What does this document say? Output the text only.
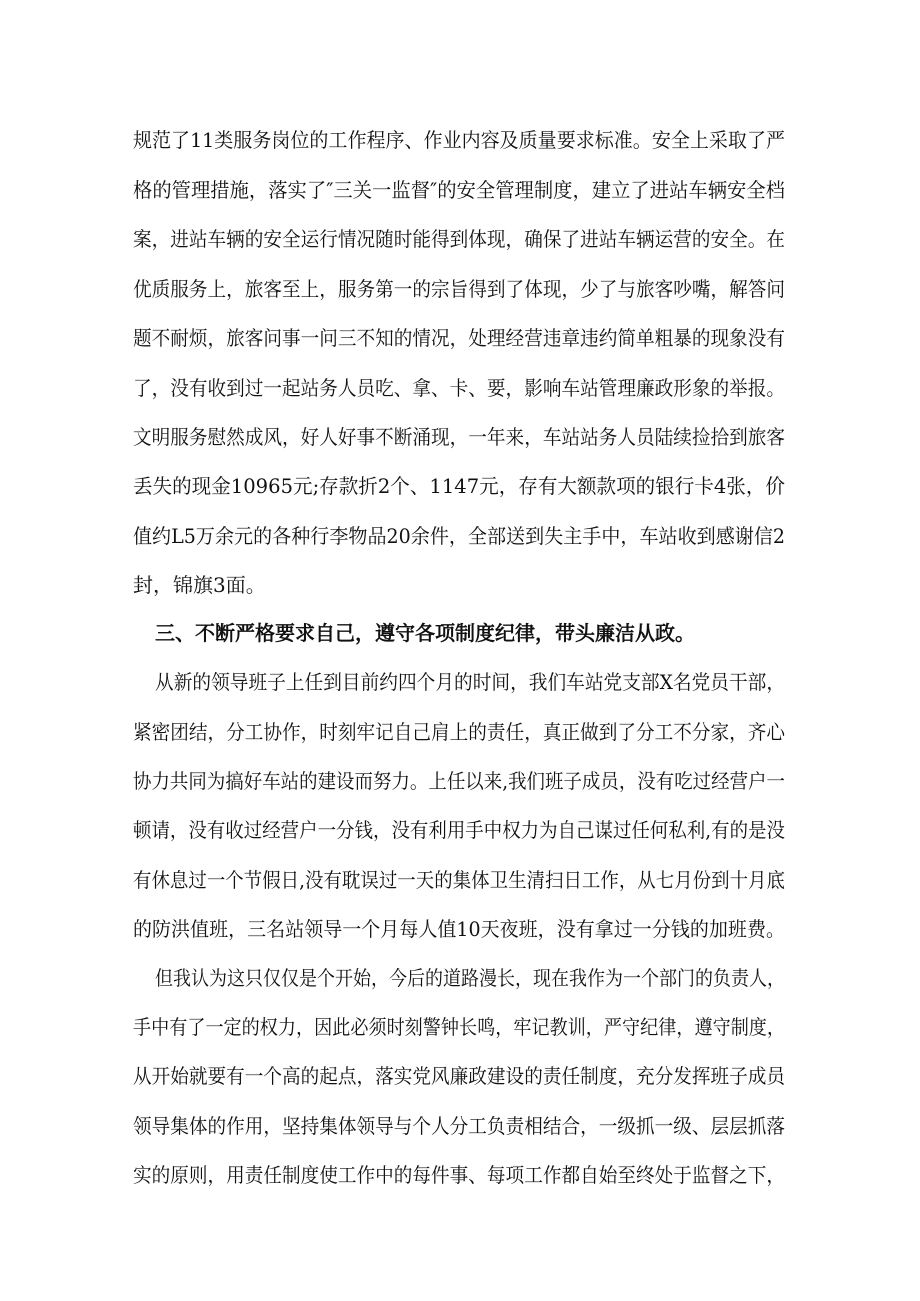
规范了11类服务岗位的工作程序、作业内容及质量要求标准。安全上采取了严
格的管理措施，落实了″三关一监督″的安全管理制度，建立了进站车辆安全档
案，进站车辆的安全运行情况随时能得到体现，确保了进站车辆运营的安全。在
优质服务上，旅客至上，服务第一的宗旨得到了体现，少了与旅客吵嘴，解答问
题不耐烦，旅客问事一问三不知的情况，处理经营违章违约简单粗暴的现象没有
了，没有收到过一起站务人员吃、拿、卡、要，影响车站管理廉政形象的举报。
文明服务慰然成风，好人好事不断涌现，一年来，车站站务人员陆续捡拾到旅客
丢失的现金10965元;存款折2个、1147元，存有大额款项的银行卡4张，价
值约L5万余元的各种行李物品20余件，全部送到失主手中，车站收到感谢信2
封，锦旗3面。
三、不断严格要求自己，遵守各项制度纪律，带头廉洁从政。
从新的领导班子上任到目前约四个月的时间，我们车站党支部X名党员干部，
紧密团结，分工协作，时刻牢记自己肩上的责任，真正做到了分工不分家，齐心
协力共同为搞好车站的建设而努力。上任以来,我们班子成员，没有吃过经营户一
顿请，没有收过经营户一分钱，没有利用手中权力为自己谋过任何私利,有的是没
有休息过一个节假日,没有耽误过一天的集体卫生清扫日工作，从七月份到十月底
的防洪值班，三名站领导一个月每人值10天夜班，没有拿过一分钱的加班费。
但我认为这只仅仅是个开始，今后的道路漫长，现在我作为一个部门的负责人，
手中有了一定的权力，因此必须时刻警钟长鸣，牢记教训，严守纪律，遵守制度，
从开始就要有一个高的起点，落实党风廉政建设的责任制度，充分发挥班子成员
领导集体的作用，坚持集体领导与个人分工负责相结合，一级抓一级、层层抓落
实的原则，用责任制度使工作中的每件事、每项工作都自始至终处于监督之下，
